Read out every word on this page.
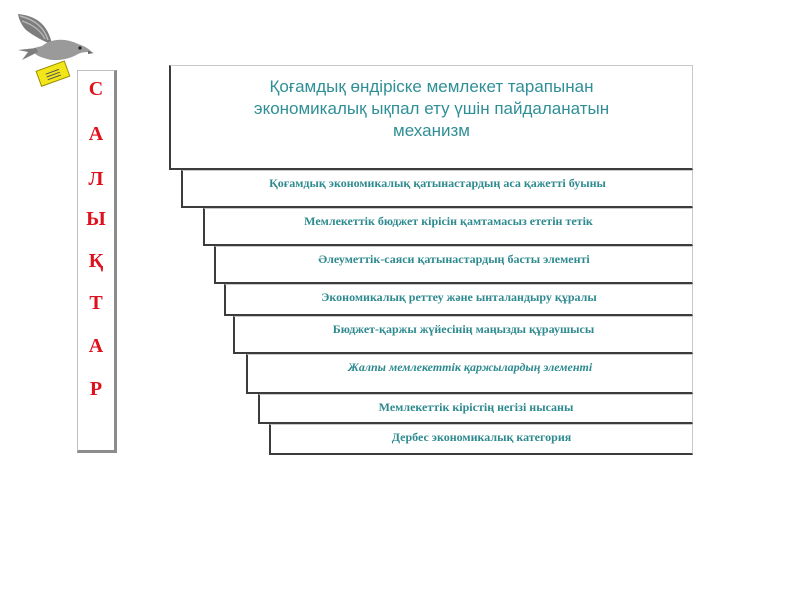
С
А
Л
Ы
Қ
Т
А
Р
Қоғамдық өндіріске мемлекет тарапынан
экономикалық ықпал ету үшін пайдаланатын
механизм
Қоғамдық экономикалық қатынастардың аса қажетті буыны
Мемлекеттік бюджет кірісін қамтамасыз ететін тетік
Әлеуметтік-саяси қатынастардың басты элементі
Экономикалық реттеу және ынталандыру құралы
Бюджет-қаржы жүйесінің маңызды құраушысы
Жалпы мемлекеттік қаржылардың элементі
Мемлекеттік кірістің негізі нысаны
Дербес экономикалық категория
